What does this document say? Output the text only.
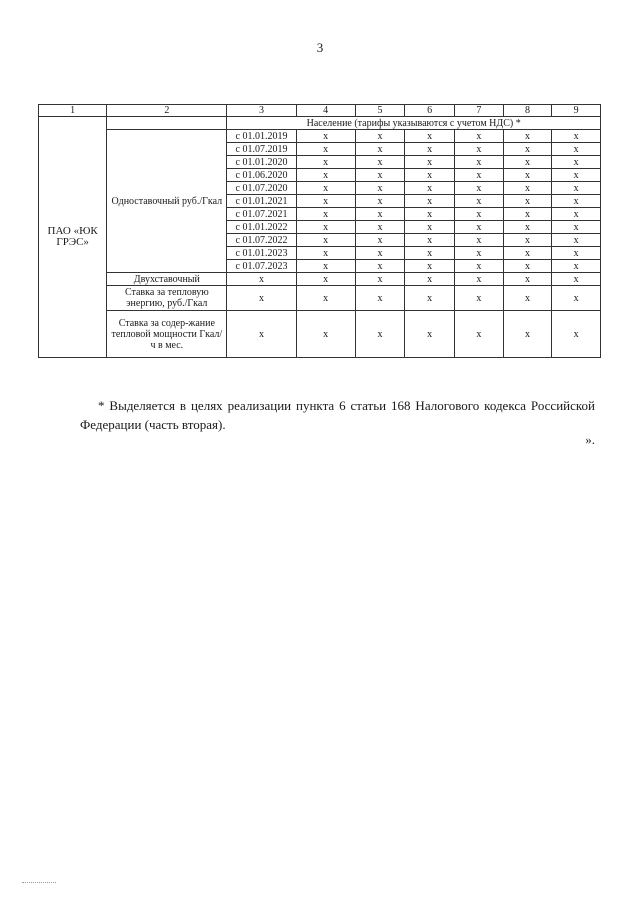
3
1	2	3	4	5	6	7	8	9
ПАО «ЮК ГРЭС»		Население (тарифы указываются с учетом НДС) *						
	Одноставочный руб./Гкал	с 01.01.2019	х	х	х	х	х	х
		с 01.07.2019	х	х	х	х	х	х
		с 01.01.2020	х	х	х	х	х	х
		с 01.06.2020	х	х	х	х	х	х
		с 01.07.2020	х	х	х	х	х	х
		с 01.01.2021	х	х	х	х	х	х
		с 01.07.2021	х	х	х	х	х	х
		с 01.01.2022	х	х	х	х	х	х
		с 01.07.2022	х	х	х	х	х	х
		с 01.01.2023	х	х	х	х	х	х
		с 01.07.2023	х	х	х	х	х	х
	Двухставочный	х	х	х	х	х	х	х
	Ставка за тепловую энергию, руб./Гкал	х	х	х	х	х	х	х
	Ставка за содер-жание тепловой мощности Гкал/ч в мес.	х	х	х	х	х	х	х

* Выделяется в целях реализации пункта 6 статьи 168 Налогового кодекса Российской Федерации (часть вторая).

».
